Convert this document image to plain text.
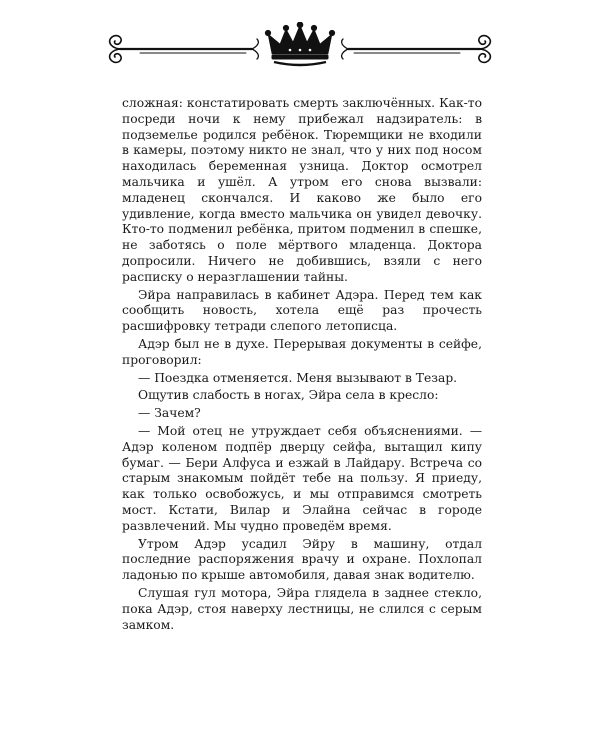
сложная: констатировать смерть заключённых. Как-то посреди ночи к нему прибежал надзиратель: в подземелье родился ребёнок. Тюремщики не входили в камеры, поэтому никто не знал, что у них под носом находилась беременная узница. Доктор осмотрел мальчика и ушёл. А утром его снова вызвали: младенец скончался. И каково же было его удивление, когда вместо мальчика он увидел девочку. Кто-то подменил ребёнка, притом подменил в спешке, не заботясь о поле мёртвого младенца. Доктора допросили. Ничего не добившись, взяли с него расписку о неразглашении тайны.

Эйра направилась в кабинет Адэра. Перед тем как сообщить новость, хотела ещё раз прочесть расшифровку тетради слепого летописца.

Адэр был не в духе. Перерывая документы в сейфе, проговорил:

— Поездка отменяется. Меня вызывают в Тезар.

Ощутив слабость в ногах, Эйра села в кресло:

— Зачем?

— Мой отец не утруждает себя объяснениями. — Адэр коленом подпёр дверцу сейфа, вытащил кипу бумаг. — Бери Алфуса и езжай в Лайдару. Встреча со старым знакомым пойдёт тебе на пользу. Я приеду, как только освобожусь, и мы отправимся смотреть мост. Кстати, Вилар и Элайна сейчас в городе развлечений. Мы чудно проведём время.

Утром Адэр усадил Эйру в машину, отдал последние распоряжения врачу и охране. Похлопал ладонью по крыше автомобиля, давая знак водителю.

Слушая гул мотора, Эйра глядела в заднее стекло, пока Адэр, стоя наверху лестницы, не слился с серым замком.
